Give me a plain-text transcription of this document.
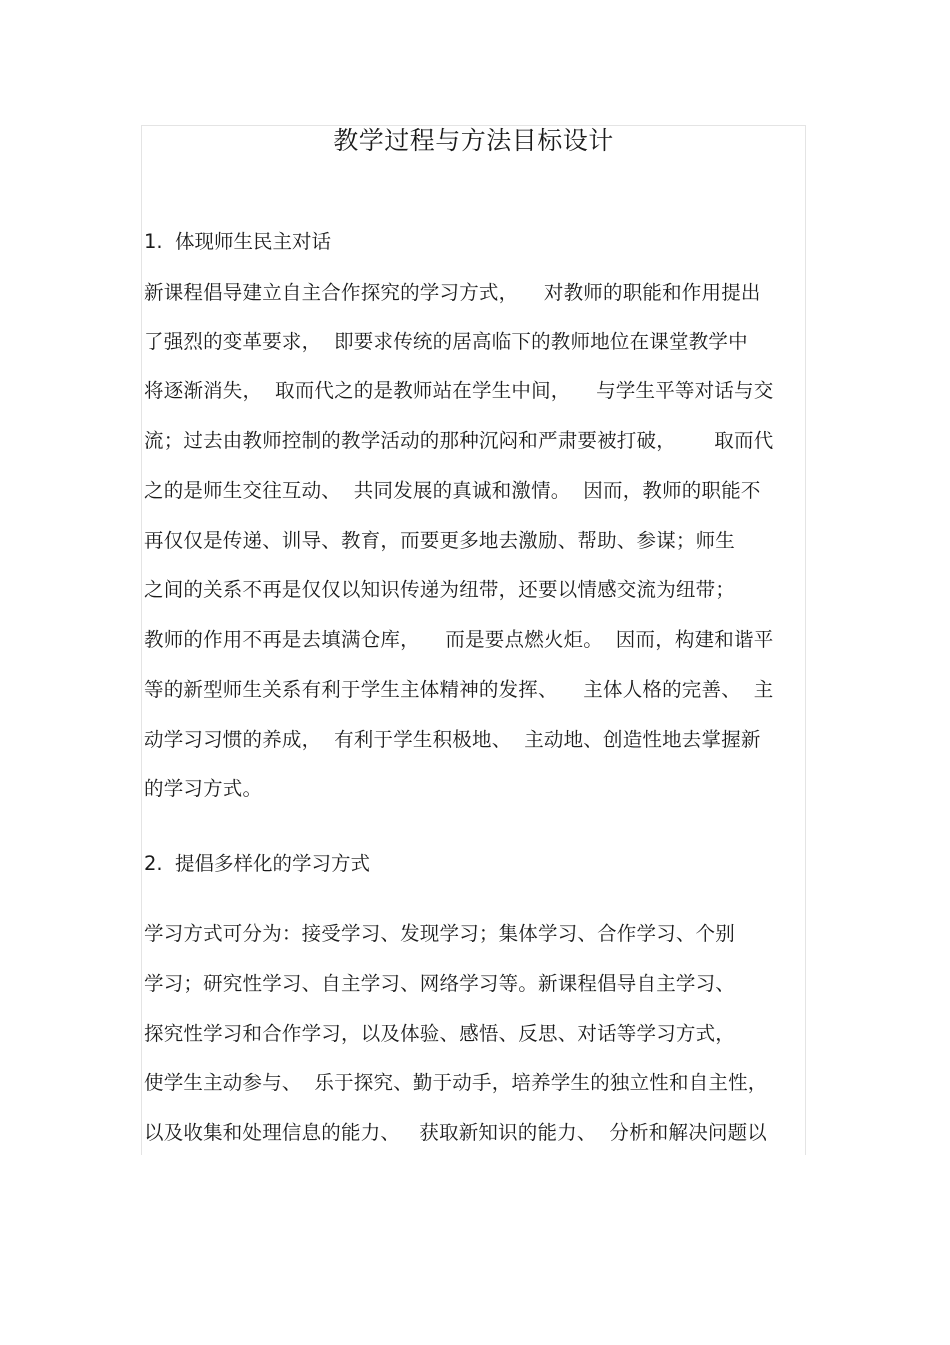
教学过程与方法目标设计
1.  体现师生民主对话
新课程倡导建立自主合作探究的学习方式，    对教师的职能和作用提出
了强烈的变革要求，  即要求传统的居高临下的教师地位在课堂教学中
将逐渐消失，  取而代之的是教师站在学生中间，    与学生平等对话与交
流；过去由教师控制的教学活动的那种沉闷和严肃要被打破，      取而代
之的是师生交往互动、  共同发展的真诚和激情。  因而，教师的职能不
再仅仅是传递、训导、教育，而要更多地去激励、帮助、参谋；师生
之间的关系不再是仅仅以知识传递为纽带，还要以情感交流为纽带；
教师的作用不再是去填满仓库，    而是要点燃火炬。  因而，构建和谐平
等的新型师生关系有利于学生主体精神的发挥、    主体人格的完善、  主
动学习习惯的养成，  有利于学生积极地、  主动地、创造性地去掌握新
的学习方式。
2.  提倡多样化的学习方式
学习方式可分为：接受学习、发现学习；集体学习、合作学习、个别
学习；研究性学习、自主学习、网络学习等。新课程倡导自主学习、
探究性学习和合作学习，以及体验、感悟、反思、对话等学习方式，
使学生主动参与、  乐于探究、勤于动手，培养学生的独立性和自主性，
以及收集和处理信息的能力、   获取新知识的能力、  分析和解决问题以
